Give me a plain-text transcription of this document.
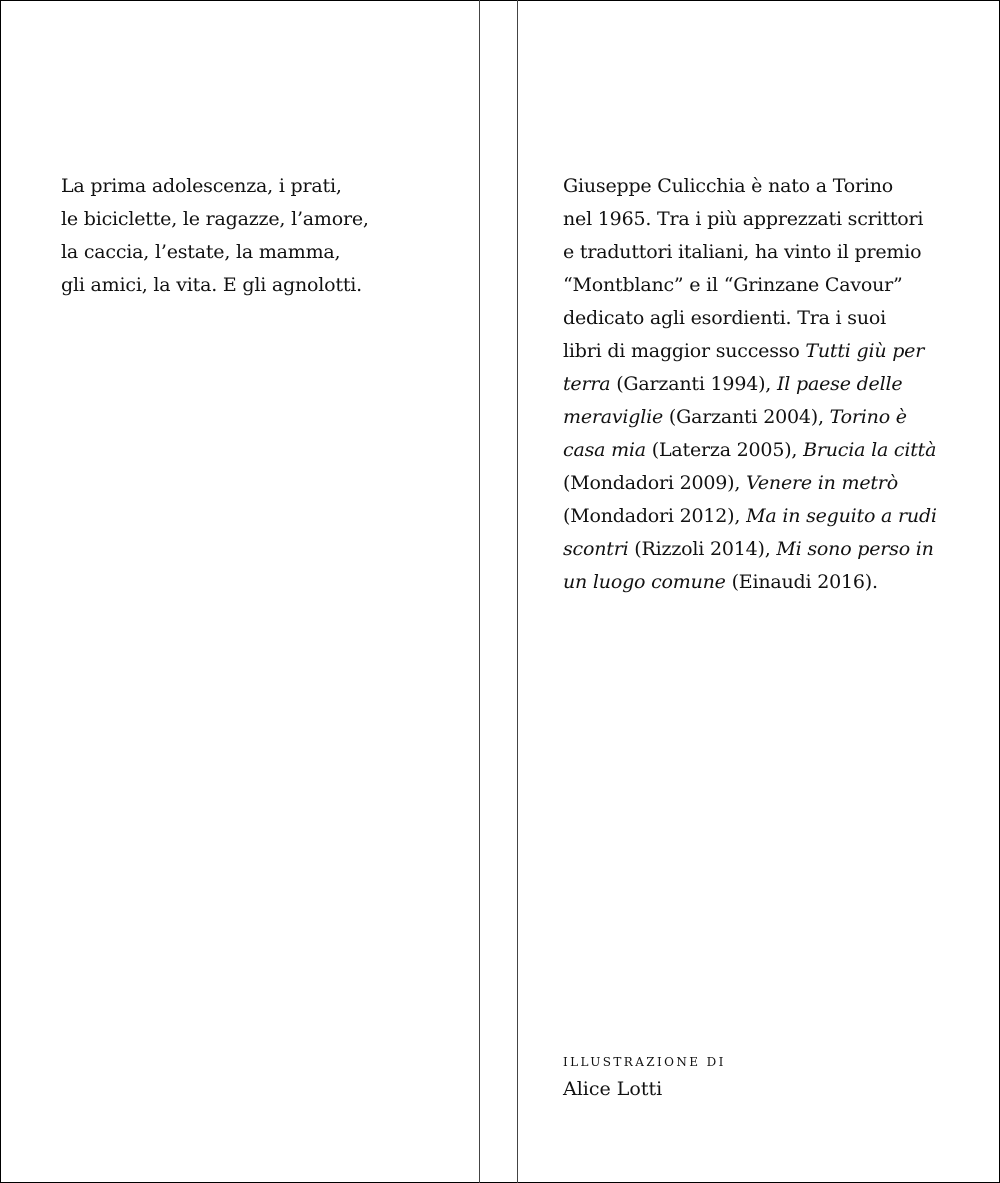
La prima adolescenza, i prati,
le biciclette, le ragazze, l’amore,
la caccia, l’estate, la mamma,
gli amici, la vita. E gli agnolotti.
Giuseppe Culicchia è nato a Torino
nel 1965. Tra i più apprezzati scrittori
e traduttori italiani, ha vinto il premio
“Montblanc” e il “Grinzane Cavour”
dedicato agli esordienti. Tra i suoi
libri di maggior successo Tutti giù per
terra (Garzanti 1994), Il paese delle
meraviglie (Garzanti 2004), Torino è
casa mia (Laterza 2005), Brucia la città
(Mondadori 2009), Venere in metrò
(Mondadori 2012), Ma in seguito a rudi
scontri (Rizzoli 2014), Mi sono perso in
un luogo comune (Einaudi 2016).
ILLUSTRAZIONE DI
Alice Lotti
